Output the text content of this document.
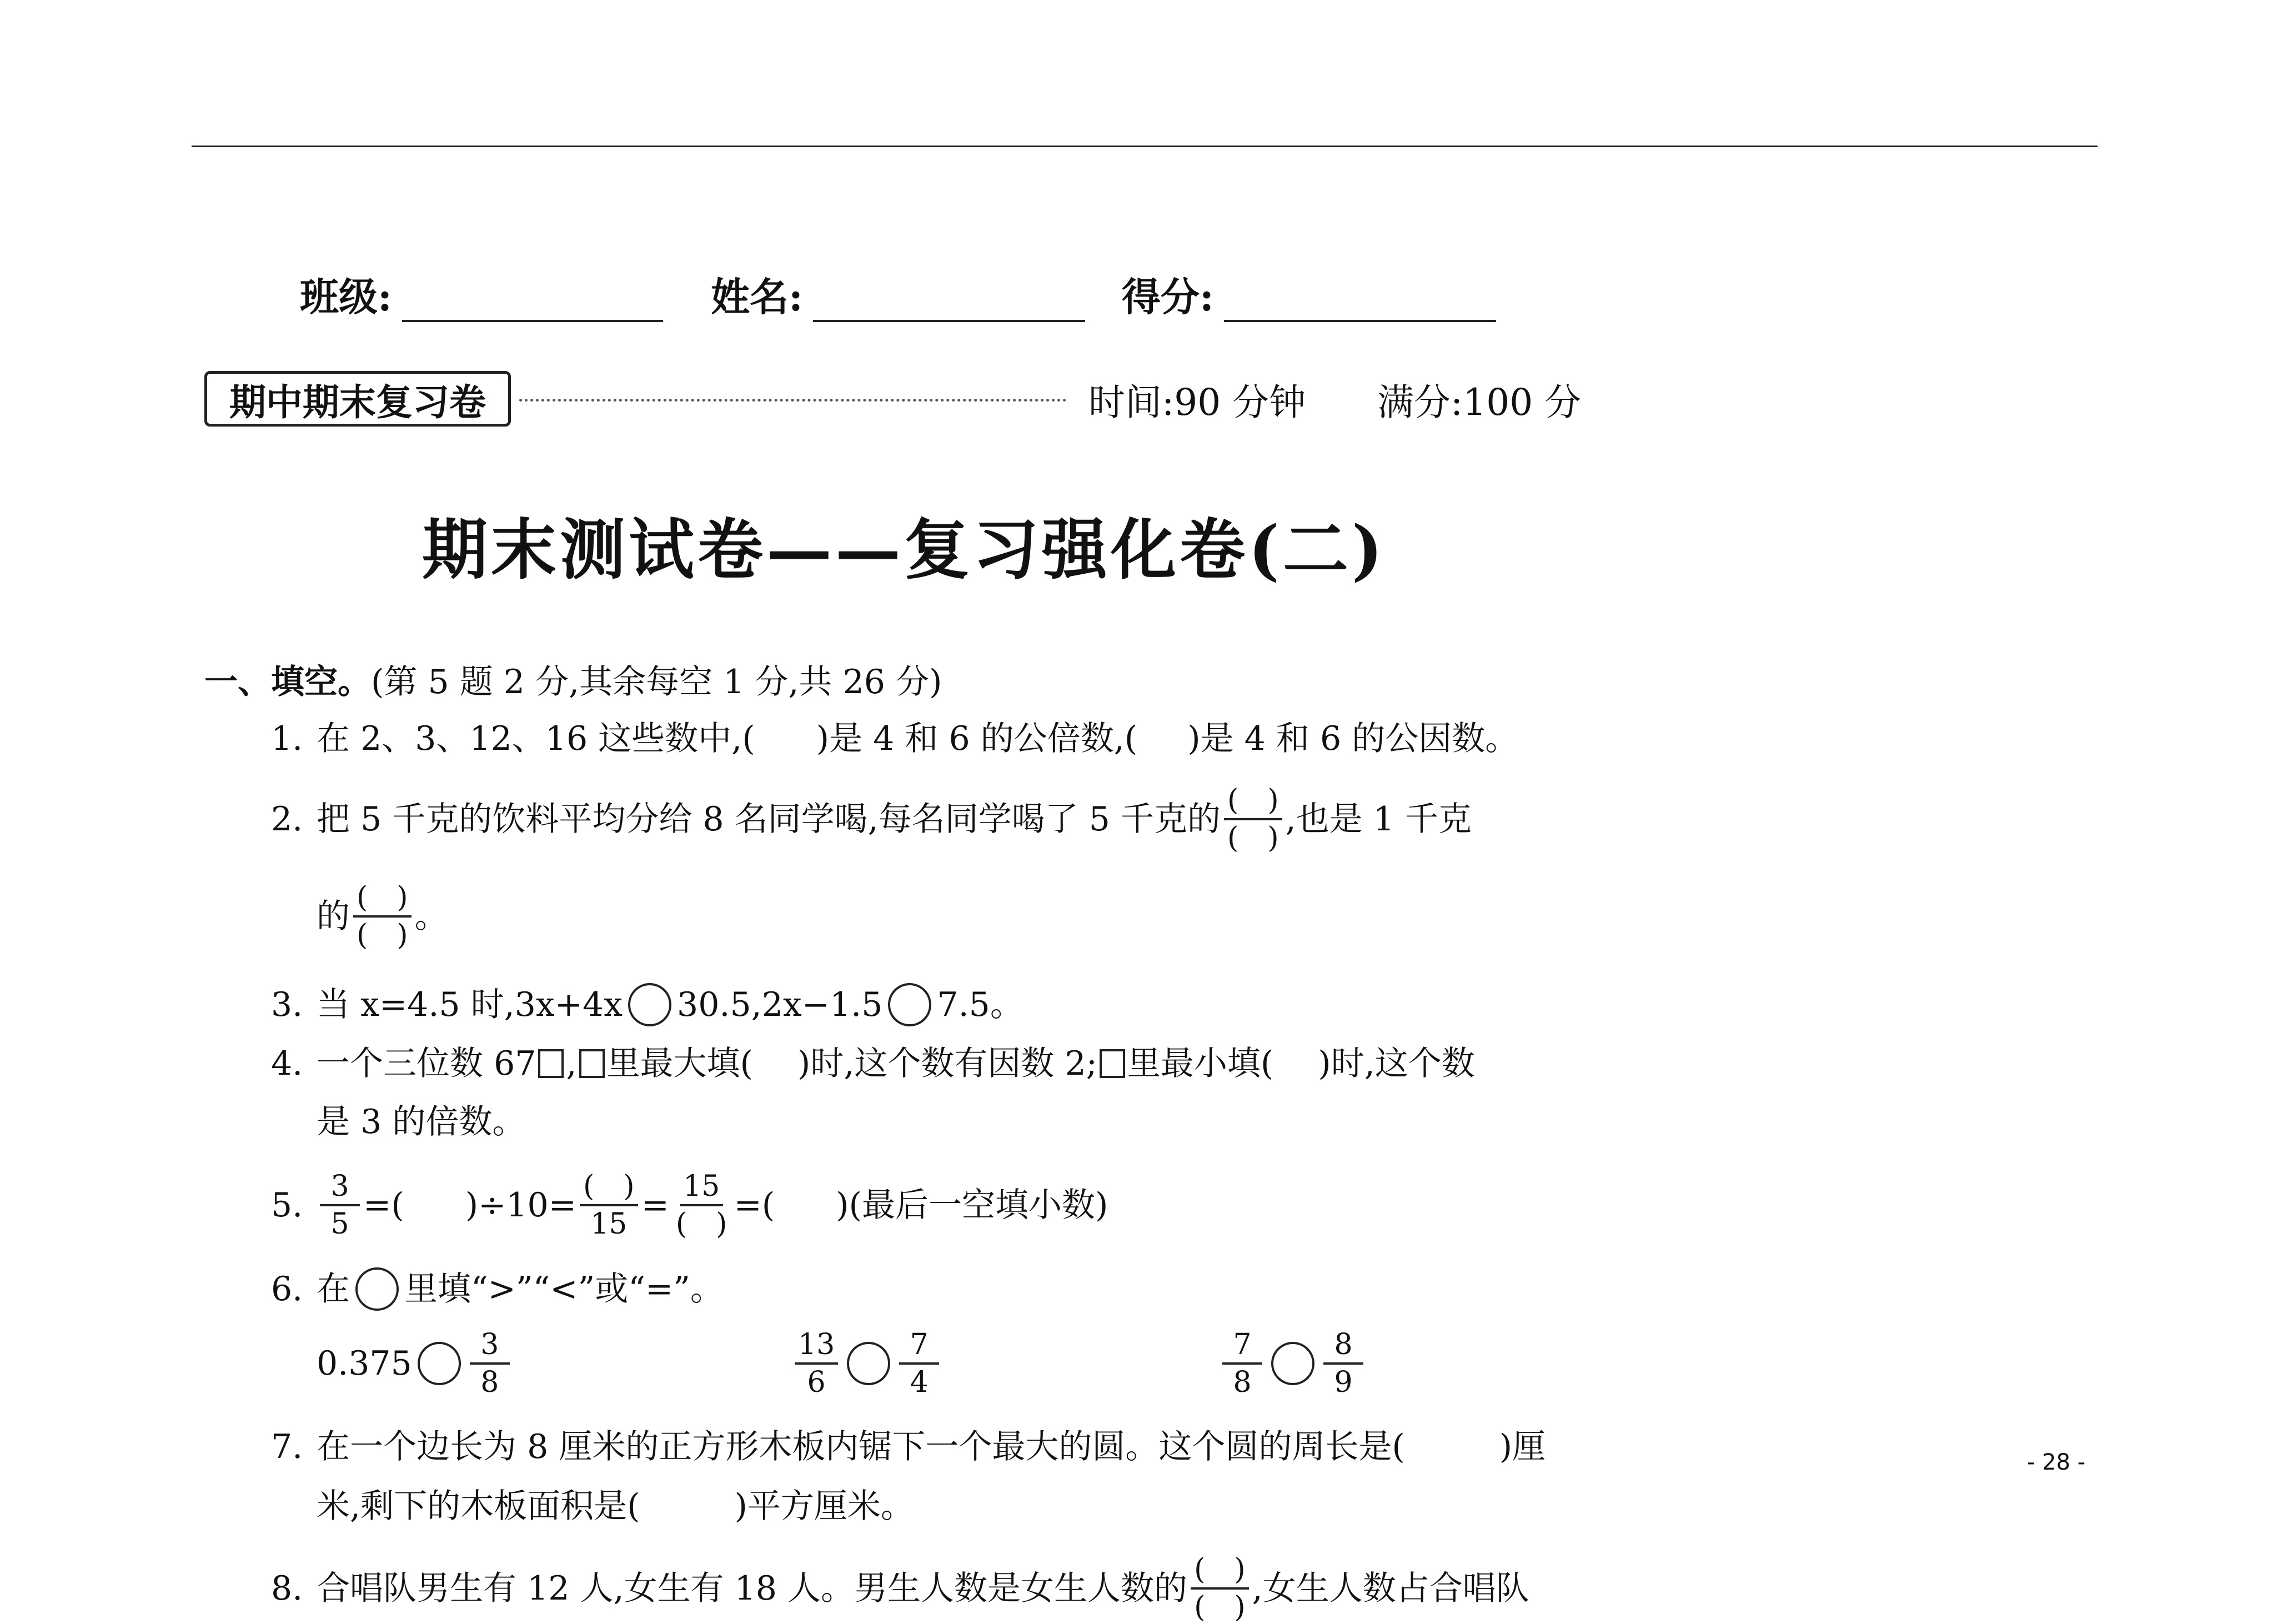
班级:	姓名:	得分:
期中期末复习卷	时间:90 分钟 满分:100 分
期末测试卷——复习强化卷(二)
一、填空。(第 5 题 2 分,其余每空 1 分,共 26 分)
1. 在 2、3、12、16 这些数中,( )是 4 和 6 的公倍数,( )是 4 和 6 的公因数。
2. 把 5 千克的饮料平均分给 8 名同学喝,每名同学喝了 5 千克的 $\frac{( )}{( )}$ ,也是 1 千克
的 $\frac{( )}{( )}$ 。
3. 当 x=4.5 时,3x+4x 30.5,2x−1.5 7.5。
4. 一个三位数 67 , 里最大填( )时,这个数有因数 2; 里最小填( )时,这个数
是 3 的倍数。
5. $\frac{3}{5}$ =( )$\div 10= \frac{( )}{15} = \frac{15}{( )}$ =( )(最后一空填小数)
6. 在 里填“>”“<”或“=”。
$0.375 \frac{3}{8}$	$\frac{13}{6} \frac{7}{4}$	$\frac{7}{8} \frac{8}{9}$
7. 在一个边长为 8 厘米的正方形木板内锯下一个最大的圆。这个圆的周长是(	)厘
米,剩下的木板面积是(	)平方厘米。
8. 合唱队男生有 12 人,女生有 18 人。男生人数是女生人数的 $\frac{( )}{( )}$ ,女生人数占合唱队
- 28 -
